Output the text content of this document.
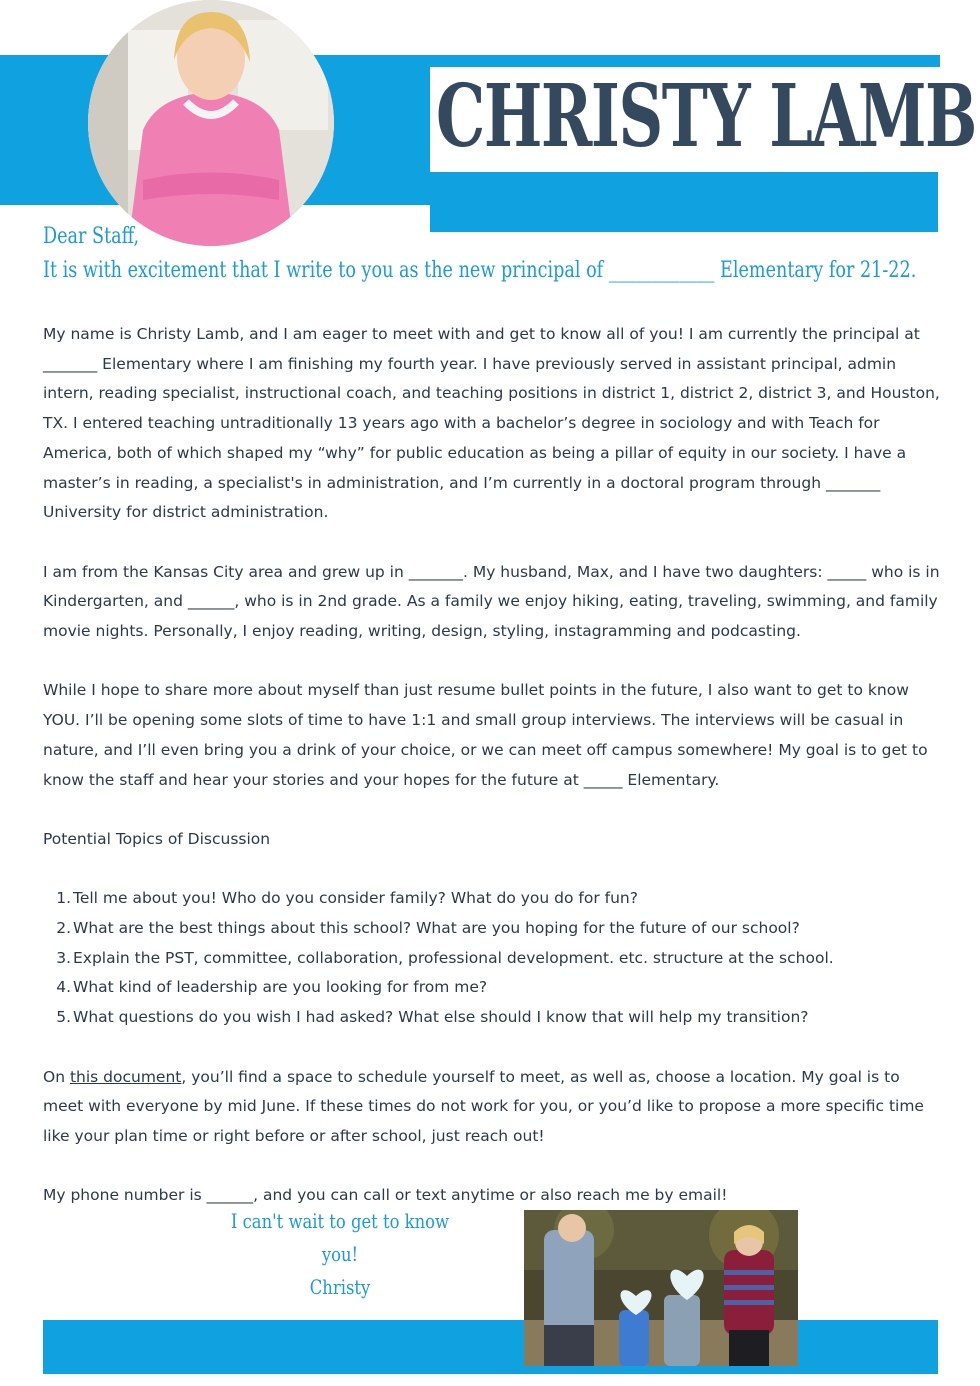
CHRISTY LAMB
Dear Staff,
It is with excitement that I write to you as the new principal of ____________ Elementary for 21-22.

My name is Christy Lamb, and I am eager to meet with and get to know all of you! I am currently the principal at _______ Elementary where I am finishing my fourth year. I have previously served in assistant principal, admin intern, reading specialist, instructional coach, and teaching positions in district 1, district 2, district 3, and Houston, TX. I entered teaching untraditionally 13 years ago with a bachelor’s degree in sociology and with Teach for America, both of which shaped my “why” for public education as being a pillar of equity in our society. I have a master’s in reading, a specialist's in administration, and I’m currently in a doctoral program through _______ University for district administration.

I am from the Kansas City area and grew up in _______. My husband, Max, and I have two daughters: _____ who is in Kindergarten, and ______, who is in 2nd grade. As a family we enjoy hiking, eating, traveling, swimming, and family movie nights. Personally, I enjoy reading, writing, design, styling, instagramming and podcasting.

While I hope to share more about myself than just resume bullet points in the future, I also want to get to know YOU. I’ll be opening some slots of time to have 1:1 and small group interviews. The interviews will be casual in nature, and I’ll even bring you a drink of your choice, or we can meet off campus somewhere! My goal is to get to know the staff and hear your stories and your hopes for the future at _____ Elementary.

Potential Topics of Discussion

1. Tell me about you! Who do you consider family? What do you do for fun?
2. What are the best things about this school? What are you hoping for the future of our school?
3. Explain the PST, committee, collaboration, professional development. etc. structure at the school.
4. What kind of leadership are you looking for from me?
5. What questions do you wish I had asked? What else should I know that will help my transition?

On this document, you’ll find a space to schedule yourself to meet, as well as, choose a location. My goal is to meet with everyone by mid June. If these times do not work for you, or you’d like to propose a more specific time like your plan time or right before or after school, just reach out!

My phone number is ______, and you can call or text anytime or also reach me by email!

I can't wait to get to know you!
Christy
